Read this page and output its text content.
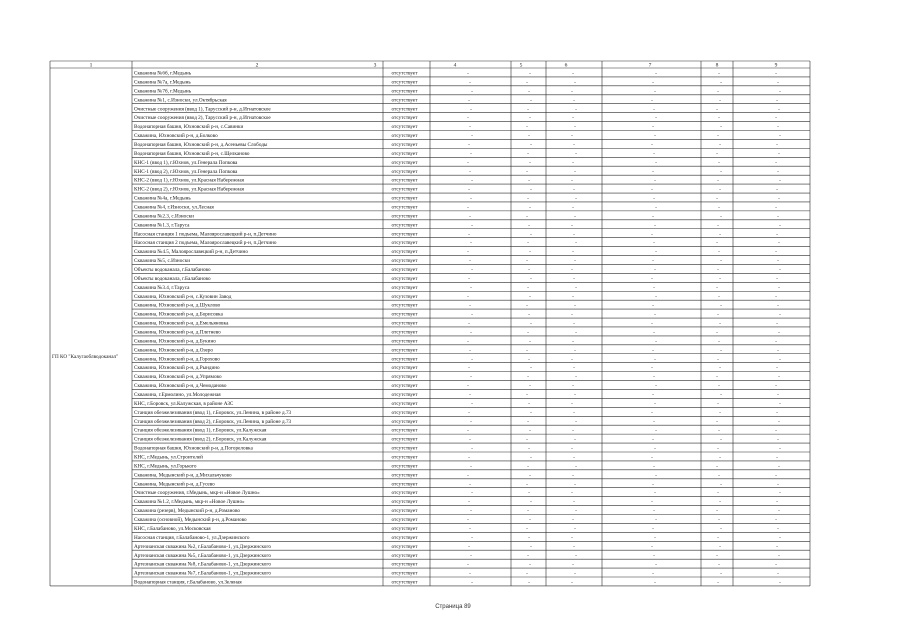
1	2	3	4	5	6	7	8	9
ГП КО "Калугаоблводоканал"
Скважина №6б, г.Медынь	отсутствует	-	-	-	-	-	-
Скважина №7а, г.Медынь	отсутствует	-	-	-	-	-	-
Скважина №7б, г.Медынь	отсутствует	-	-	-	-	-	-
Скважина №1, с.Износки, ул.Октябрьская	отсутствует	-	-	-	-	-	-
Очистные сооружения (ввод 1), Тарусский р-н, д.Игнатовское	отсутствует	-	-	-	-	-	-
Очистные сооружения (ввод 2), Тарусский р-н, д.Игнатовское	отсутствует	-	-	-	-	-	-
Водонапорная башня, Юхновский р-н, с.Савинки	отсутствует	-	-	-	-	-	-
Скважина, Юхновский р-н, д.Болково	отсутствует	-	-	-	-	-	-
Водонапорная башня, Юхновский р-н, д.Асеньевы Слободы	отсутствует	-	-	-	-	-	-
Водонапорная башня, Юхновский р-н, с.Щелканово	отсутствует	-	-	-	-	-	-
КНС-1 (ввод 1), г.Юхнов, ул.Генерала Попкова	отсутствует	-	-	-	-	-	-
КНС-1 (ввод 2), г.Юхнов, ул.Генерала Попкова	отсутствует	-	-	-	-	-	-
КНС-2 (ввод 1), г.Юхнов, ул.Красная Набережная	отсутствует	-	-	-	-	-	-
КНС-2 (ввод 2), г.Юхнов, ул.Красная Набережная	отсутствует	-	-	-	-	-	-
Скважина №4а, г.Медынь	отсутствует	-	-	-	-	-	-
Скважина №4, г.Износки, ул.Лесная	отсутствует	-	-	-	-	-	-
Скважина №2.3, с.Износки	отсутствует	-	-	-	-	-	-
Скважина №1.3, г.Таруса	отсутствует	-	-	-	-	-	-
Насосная станция 1 подъема, Малоярославецкий р-н, п.Детчино	отсутствует	-	-	-	-	-	-
Насосная станция 2 подъема, Малоярославецкий р-н, п.Детчино	отсутствует	-	-	-	-	-	-
Скважина №4.5, Малоярославецкий р-н, п.Детчино	отсутствует	-	-	-	-	-	-
Скважина №5, с.Износки	отсутствует	-	-	-	-	-	-
Объекты водоканала, г.Балабаново	отсутствует	-	-	-	-	-	-
Объекты водоканала, г.Балабаново	отсутствует	-	-	-	-	-	-
Скважина №3.4, г.Таруса	отсутствует	-	-	-	-	-	-
Скважина, Юхновский р-н, с.Кузовин Завод	отсутствует	-	-	-	-	-	-
Скважина, Юхновский р-н, д.Шуклово	отсутствует	-	-	-	-	-	-
Скважина, Юхновский р-н, д.Борисовка	отсутствует	-	-	-	-	-	-
Скважина, Юхновский р-н, д.Емельяновка	отсутствует	-	-	-	-	-	-
Скважина, Юхновский р-н, д.Плетнево	отсутствует	-	-	-	-	-	-
Скважина, Юхновский р-н, д.Букино	отсутствует	-	-	-	-	-	-
Скважина, Юхновский р-н, д.Озеро	отсутствует	-	-	-	-	-	-
Скважина, Юхновский р-н, д.Горохово	отсутствует	-	-	-	-	-	-
Скважина, Юхновский р-н, д.Рындино	отсутствует	-	-	-	-	-	-
Скважина, Юхновский р-н, д.Упрямово	отсутствует	-	-	-	-	-	-
Скважина, Юхновский р-н, д.Чемоданово	отсутствует	-	-	-	-	-	-
Скважина, г.Ермолино, ул.Молодежная	отсутствует	-	-	-	-	-	-
КНС, г.Боровск, ул.Калужская, в районе АЗС	отсутствует	-	-	-	-	-	-
Станция обезжелезивания (ввод 1), г.Боровск, ул.Ленина, в районе д.73	отсутствует	-	-	-	-	-	-
Станция обезжелезивания (ввод 2), г.Боровск, ул.Ленина, в районе д.73	отсутствует	-	-	-	-	-	-
Станция обезжелезивания (ввод 1), г.Боровск, ул.Калужская	отсутствует	-	-	-	-	-	-
Станция обезжелезивания (ввод 2), г.Боровск, ул.Калужская	отсутствует	-	-	-	-	-	-
Водонапорная башня, Юхновский р-н, д.Погореловка	отсутствует	-	-	-	-	-	-
КНС, г.Медынь, ул.Строителей	отсутствует	-	-	-	-	-	-
КНС, г.Медынь, ул.Горького	отсутствует	-	-	-	-	-	-
Скважина, Медынский р-н, д.Михальчуково	отсутствует	-	-	-	-	-	-
Скважина, Медынский р-н, д.Гусево	отсутствует	-	-	-	-	-	-
Очистные сооружения, г.Медынь, мкр-н «Новое Лушно»	отсутствует	-	-	-	-	-	-
Скважина №1.2, г.Медынь, мкр-н «Новое Лушно»	отсутствует	-	-	-	-	-	-
Скважина (резерв), Медынский р-н, д.Романово	отсутствует	-	-	-	-	-	-
Скважина (основной), Медынский р-н, д.Романово	отсутствует	-	-	-	-	-	-
КНС, г.Балабаново, ул.Московская	отсутствует	-	-	-	-	-	-
Насосная станция, г.Балабаново-1, ул.Дзержинского	отсутствует	-	-	-	-	-	-
Артезианская скважина №2, г.Балабаново-1, ул.Дзержинского	отсутствует	-	-	-	-	-	-
Артезианская скважина №5, г.Балабаново-1, ул.Дзержинского	отсутствует	-	-	-	-	-	-
Артезианская скважина №8, г.Балабаново-1, ул.Дзержинского	отсутствует	-	-	-	-	-	-
Артезианская скважина №7, г.Балабаново-1, ул.Дзержинского	отсутствует	-	-	-	-	-	-
Водонапорная станция, г.Балабаново, ул.Зеленая	отсутствует	-	-	-	-	-	-
Страница 89
